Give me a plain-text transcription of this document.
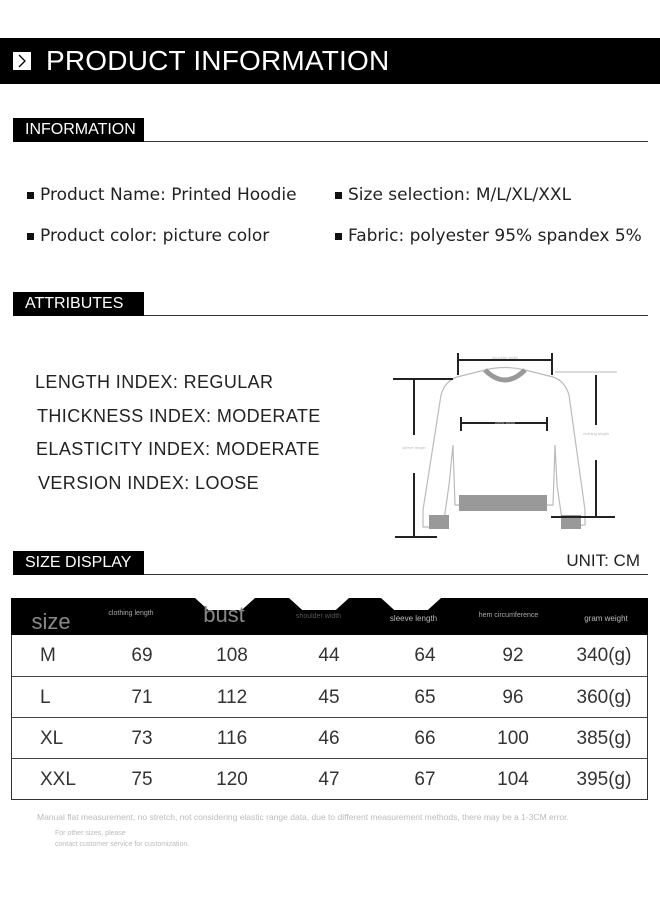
PRODUCT INFORMATION
INFORMATION
Product Name: Printed Hoodie	Size selection: M/L/XL/XXL
Product color: picture color	Fabric: polyester 95% spandex 5%
ATTRIBUTES
LENGTH INDEX: REGULAR
THICKNESS INDEX: MODERATE
ELASTICITY INDEX: MODERATE
VERSION INDEX: LOOSE
shoulder width
chest width
sleeve length
clothing length
SIZE DISPLAY	UNIT: CM
size	clothing length	bust	shoulder width	sleeve length	hem circumference	gram weight
M	69	108	44	64	92	340(g)
L	71	112	45	65	96	360(g)
XL	73	116	46	66	100	385(g)
XXL	75	120	47	67	104	395(g)
Manual flat measurement, no stretch, not considering elastic range data, due to different measurement methods, there may be a 1-3CM error.
For other sizes, please
contact customer service for customization.
